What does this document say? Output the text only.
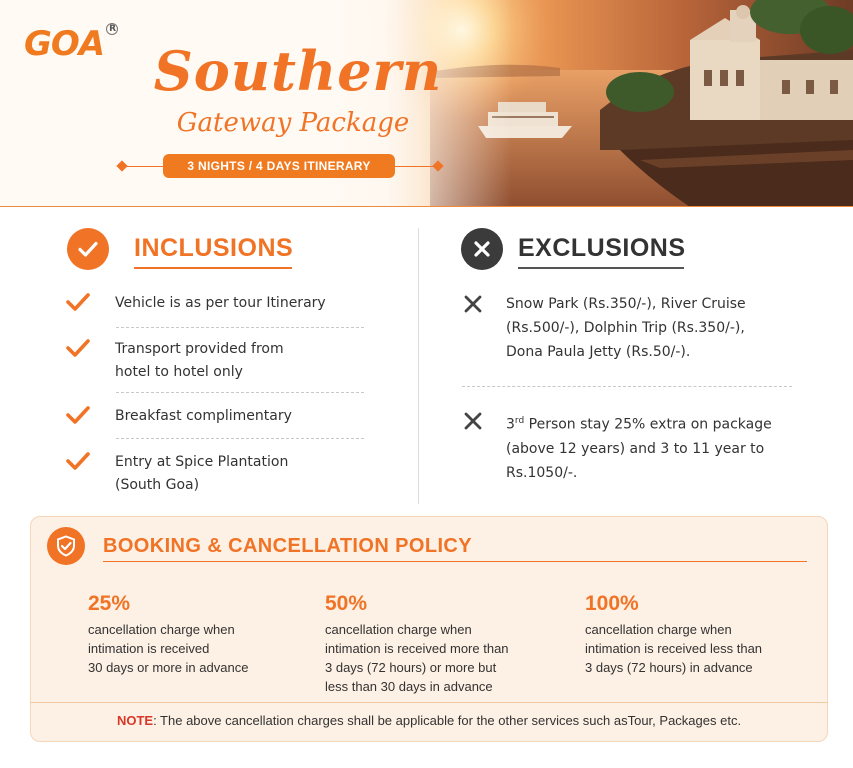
GOA $^R$
Southern
Gateway Package
3 NIGHTS / 4 DAYS ITINERARY
INCLUSIONS
Vehicle is as per tour Itinerary
Transport provided from
hotel to hotel only
Breakfast complimentary
Entry at Spice Plantation
(South Goa)
EXCLUSIONS
Snow Park (Rs.350/-), River Cruise
(Rs.500/-), Dolphin Trip (Rs.350/-),
Dona Paula Jetty (Rs.50/-).
3rd Person stay 25% extra on package
(above 12 years) and 3 to 11 year to
Rs.1050/-.
BOOKING & CANCELLATION POLICY
25%
cancellation charge when
intimation is received
30 days or more in advance
50%
cancellation charge when
intimation is received more than
3 days (72 hours) or more but
less than 30 days in advance
100%
cancellation charge when
intimation is received less than
3 days (72 hours) in advance
NOTE: The above cancellation charges shall be applicable for the other services such asTour, Packages etc.
